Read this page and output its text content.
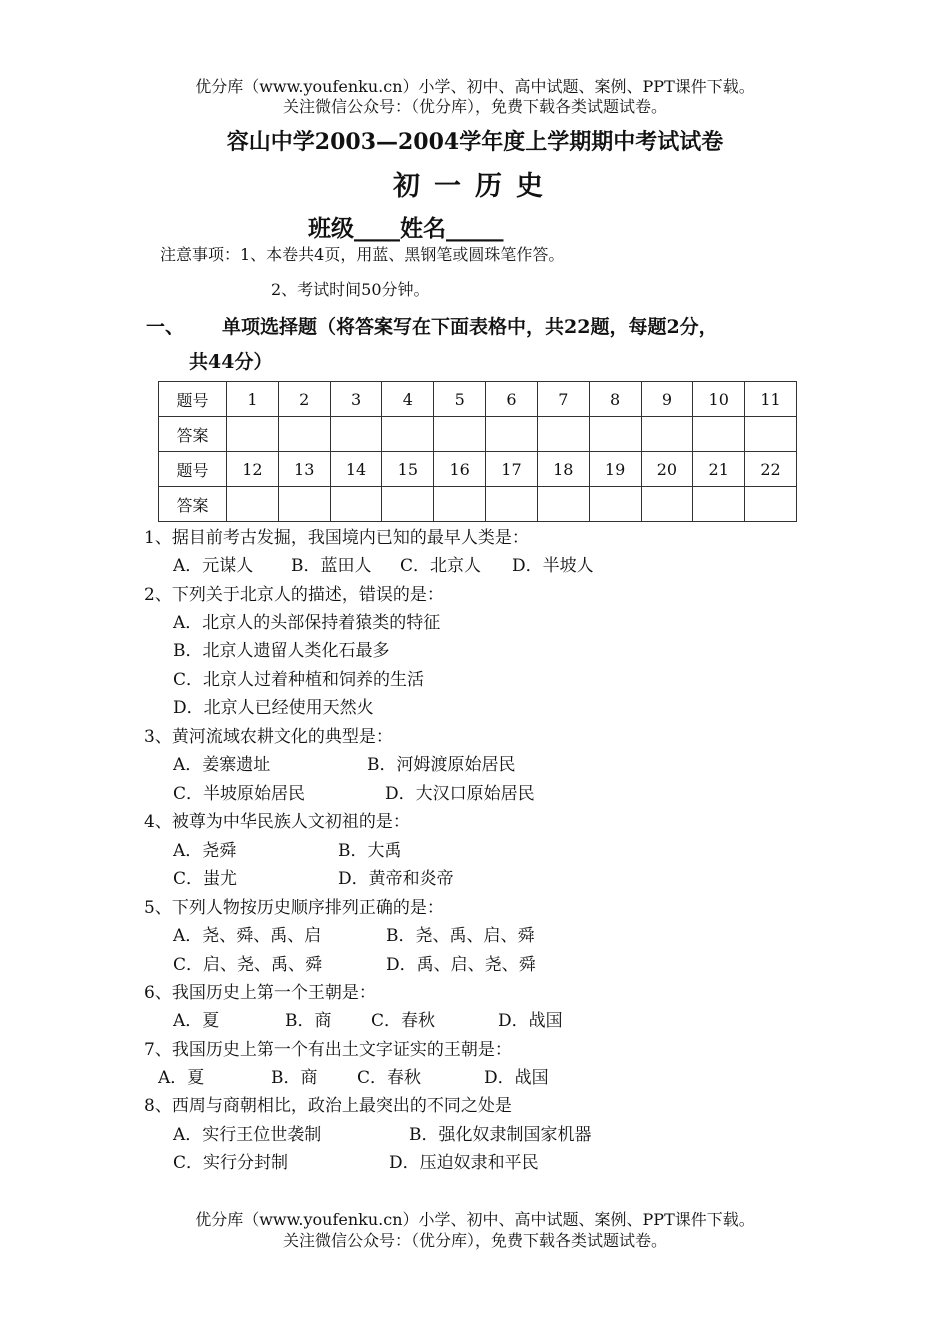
优分库（www.youfenku.cn）小学、初中、高中试题、案例、PPT课件下载。
关注微信公众号：（优分库），免费下载各类试题试卷。
容山中学2003—2004学年度上学期期中考试试卷
初一历史
班级____姓名_____
注意事项：1、本卷共4页，用蓝、黑钢笔或圆珠笔作答。
2、考试时间50分钟。
一、 单项选择题（将答案写在下面表格中，共22题，每题2分，
共44分）
题号	1	2	3	4	5	6	7	8	9	10	11
答案											
题号	12	13	14	15	16	17	18	19	20	21	22
答案											
1、据目前考古发掘，我国境内已知的最早人类是：
A．元谋人 B．蓝田人 C．北京人 D．半坡人
2、下列关于北京人的描述，错误的是：
A．北京人的头部保持着猿类的特征
B．北京人遗留人类化石最多
C．北京人过着种植和饲养的生活
D．北京人已经使用天然火
3、黄河流域农耕文化的典型是：
A．姜寨遗址	B．河姆渡原始居民
C．半坡原始居民	D．大汉口原始居民
4、被尊为中华民族人文初祖的是：
A．尧舜	B．大禹
C．蚩尤	D．黄帝和炎帝
5、下列人物按历史顺序排列正确的是：
A．尧、舜、禹、启	B．尧、禹、启、舜
C．启、尧、禹、舜	D．禹、启、尧、舜
6、我国历史上第一个王朝是：
A．夏	B．商 C．春秋	D．战国
7、我国历史上第一个有出土文字证实的王朝是：
A．夏	B．商 C．春秋	D．战国
8、西周与商朝相比，政治上最突出的不同之处是
A．实行王位世袭制	B．强化奴隶制国家机器
C．实行分封制	D．压迫奴隶和平民
优分库（www.youfenku.cn）小学、初中、高中试题、案例、PPT课件下载。
关注微信公众号：（优分库），免费下载各类试题试卷。
